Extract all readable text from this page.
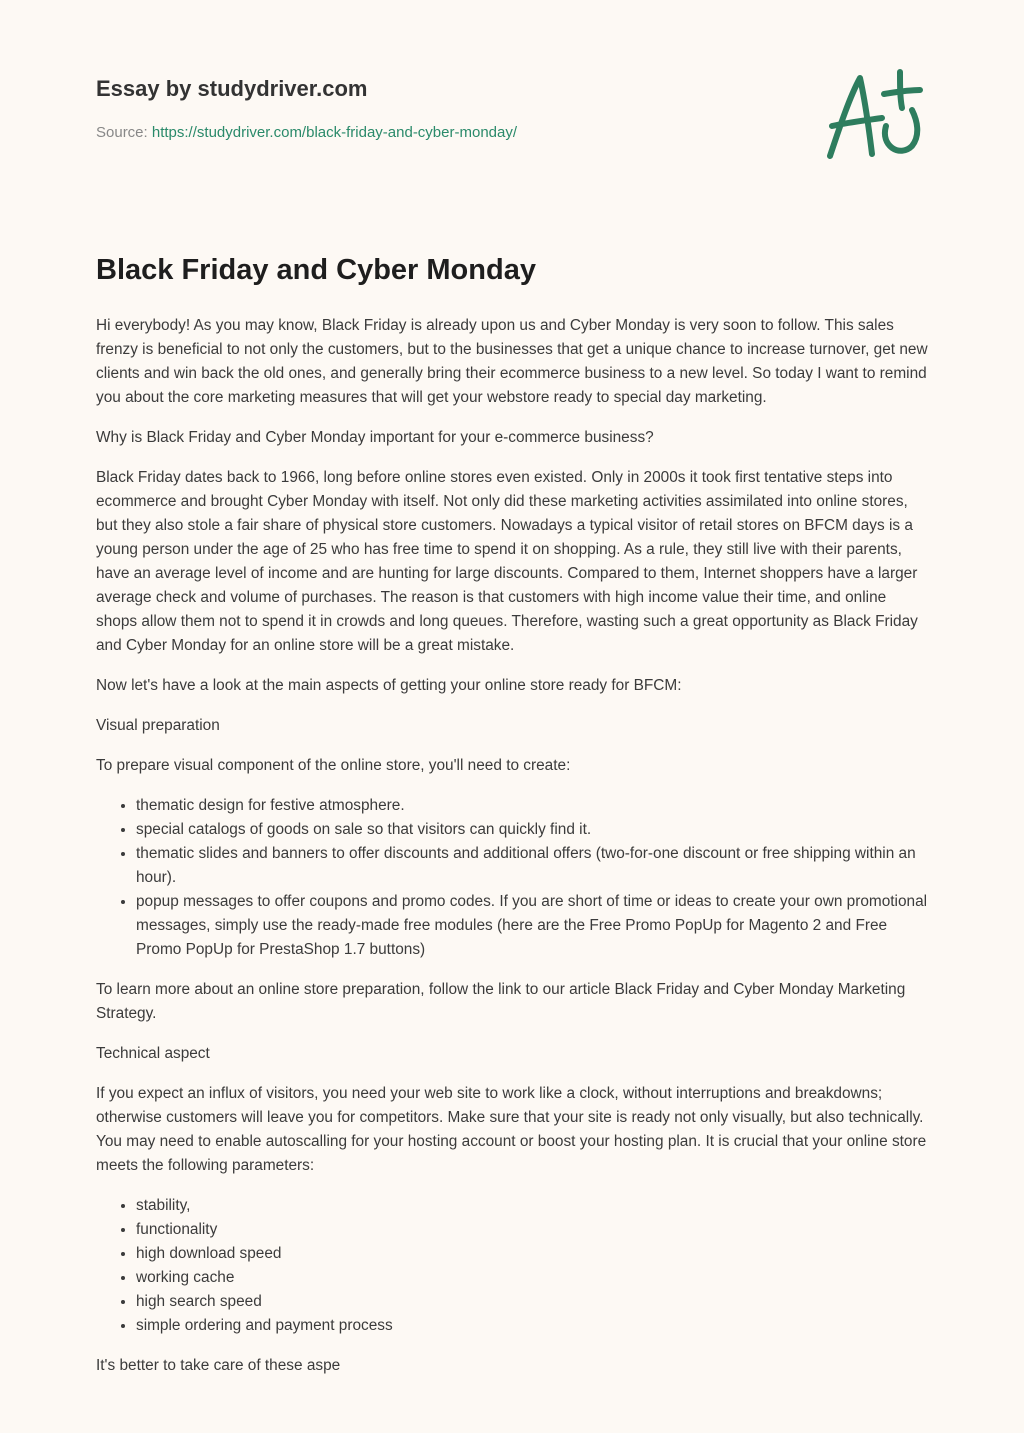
Essay by studydriver.com
Source: https://studydriver.com/black-friday-and-cyber-monday/
Black Friday and Cyber Monday

Hi everybody! As you may know, Black Friday is already upon us and Cyber Monday is very soon to follow. This sales frenzy is beneficial to not only the customers, but to the businesses that get a unique chance to increase turnover, get new clients and win back the old ones, and generally bring their ecommerce business to a new level. So today I want to remind you about the core marketing measures that will get your webstore ready to special day marketing.

Why is Black Friday and Cyber Monday important for your e-commerce business?

Black Friday dates back to 1966, long before online stores even existed. Only in 2000s it took first tentative steps into ecommerce and brought Cyber Monday with itself. Not only did these marketing activities assimilated into online stores, but they also stole a fair share of physical store customers. Nowadays a typical visitor of retail stores on BFCM days is a young person under the age of 25 who has free time to spend it on shopping. As a rule, they still live with their parents, have an average level of income and are hunting for large discounts. Compared to them, Internet shoppers have a larger average check and volume of purchases. The reason is that customers with high income value their time, and online shops allow them not to spend it in crowds and long queues. Therefore, wasting such a great opportunity as Black Friday and Cyber Monday for an online store will be a great mistake.

Now let's have a look at the main aspects of getting your online store ready for BFCM:

Visual preparation

To prepare visual component of the online store, you'll need to create:

• thematic design for festive atmosphere.
• special catalogs of goods on sale so that visitors can quickly find it.
• thematic slides and banners to offer discounts and additional offers (two-for-one discount or free shipping within an hour).
• popup messages to offer coupons and promo codes. If you are short of time or ideas to create your own promotional messages, simply use the ready-made free modules (here are the Free Promo PopUp for Magento 2 and Free Promo PopUp for PrestaShop 1.7 buttons)

To learn more about an online store preparation, follow the link to our article Black Friday and Cyber Monday Marketing Strategy.

Technical aspect

If you expect an influx of visitors, you need your web site to work like a clock, without interruptions and breakdowns; otherwise customers will leave you for competitors. Make sure that your site is ready not only visually, but also technically. You may need to enable autoscalling for your hosting account or boost your hosting plan. It is crucial that your online store meets the following parameters:

• stability,
• functionality
• high download speed
• working cache
• high search speed
• simple ordering and payment process

It's better to take care of these aspe
